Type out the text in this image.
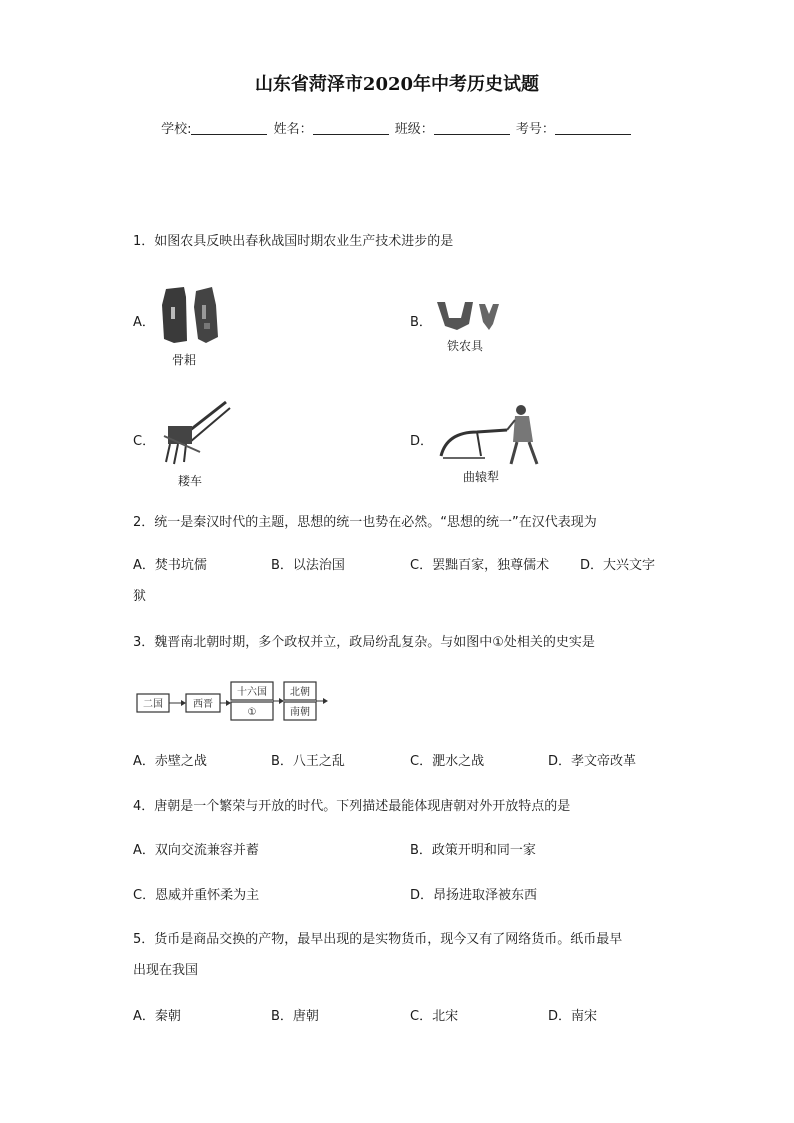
山东省菏泽市2020年中考历史试题
学校:	姓名：	班级：	考号：
1．如图农具反映出春秋战国时期农业生产技术进步的是
A．
骨耜
B．
铁农具
C．
耧车
D．
曲辕犁
2．统一是秦汉时代的主题，思想的统一也势在必然。“思想的统一”在汉代表现为
A．焚书坑儒	B．以法治国	C．罢黜百家，独尊儒术 D．大兴文字
狱
3．魏晋南北朝时期，多个政权并立，政局纷乱复杂。与如图中①处相关的史实是
二国	西晋
十六国
①
北朝
南朝
A．赤壁之战	B．八王之乱	C．淝水之战	D．孝文帝改革
4．唐朝是一个繁荣与开放的时代。下列描述最能体现唐朝对外开放特点的是
A．双向交流兼容并蓄	B．政策开明和同一家
C．恩威并重怀柔为主	D．昂扬进取泽被东西
5．货币是商品交换的产物，最早出现的是实物货币，现今又有了网络货币。纸币最早
出现在我国
A．秦朝	B．唐朝	C．北宋	D．南宋
